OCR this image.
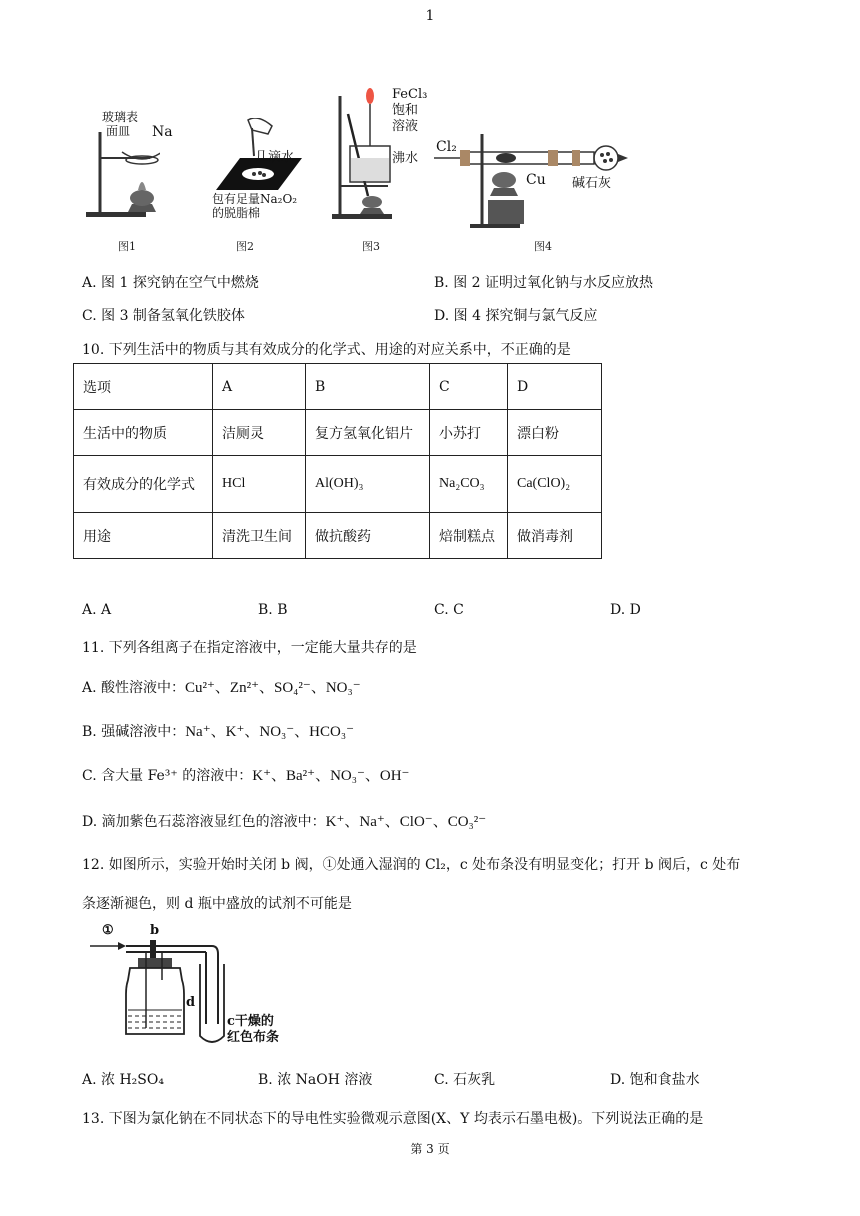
1
玻璃表
面皿 Na
图1
几滴水
包有足量Na₂O₂
的脱脂棉
图2
FeCl₃
饱和
溶液
沸水
图3
Cl₂
Cu 碱石灰
图4
A. 图 1 探究钠在空气中燃烧	B. 图 2 证明过氧化钠与水反应放热
C. 图 3 制备氢氧化铁胶体	D. 图 4 探究铜与氯气反应
10. 下列生活中的物质与其有效成分的化学式、用途的对应关系中，不正确的是
选项	A	B	C	D
生活中的物质	洁厕灵	复方氢氧化铝片	小苏打	漂白粉
有效成分的化学式	HCl	Al(OH)₃	Na₂CO₃	Ca(ClO)₂
用途	清洗卫生间	做抗酸药	焙制糕点	做消毒剂
A. A	B. B	C. C	D. D
11. 下列各组离子在指定溶液中，一定能大量共存的是
A. 酸性溶液中：Cu²⁺、Zn²⁺、SO₄²⁻、NO₃⁻
B. 强碱溶液中：Na⁺、K⁺、NO₃⁻、HCO₃⁻
C. 含大量 Fe³⁺ 的溶液中：K⁺、Ba²⁺、NO₃⁻、OH⁻
D. 滴加紫色石蕊溶液显红色的溶液中：K⁺、Na⁺、ClO⁻、CO₃²⁻
12. 如图所示，实验开始时关闭 b 阀，①处通入湿润的 Cl₂，c 处布条没有明显变化；打开 b 阀后，c 处布
条逐渐褪色，则 d 瓶中盛放的试剂不可能是
①	b
d
c干燥的
红色布条
A. 浓 H₂SO₄	B. 浓 NaOH 溶液	C. 石灰乳	D. 饱和食盐水
13. 下图为氯化钠在不同状态下的导电性实验微观示意图(X、Y 均表示石墨电极)。下列说法正确的是
第 3 页
